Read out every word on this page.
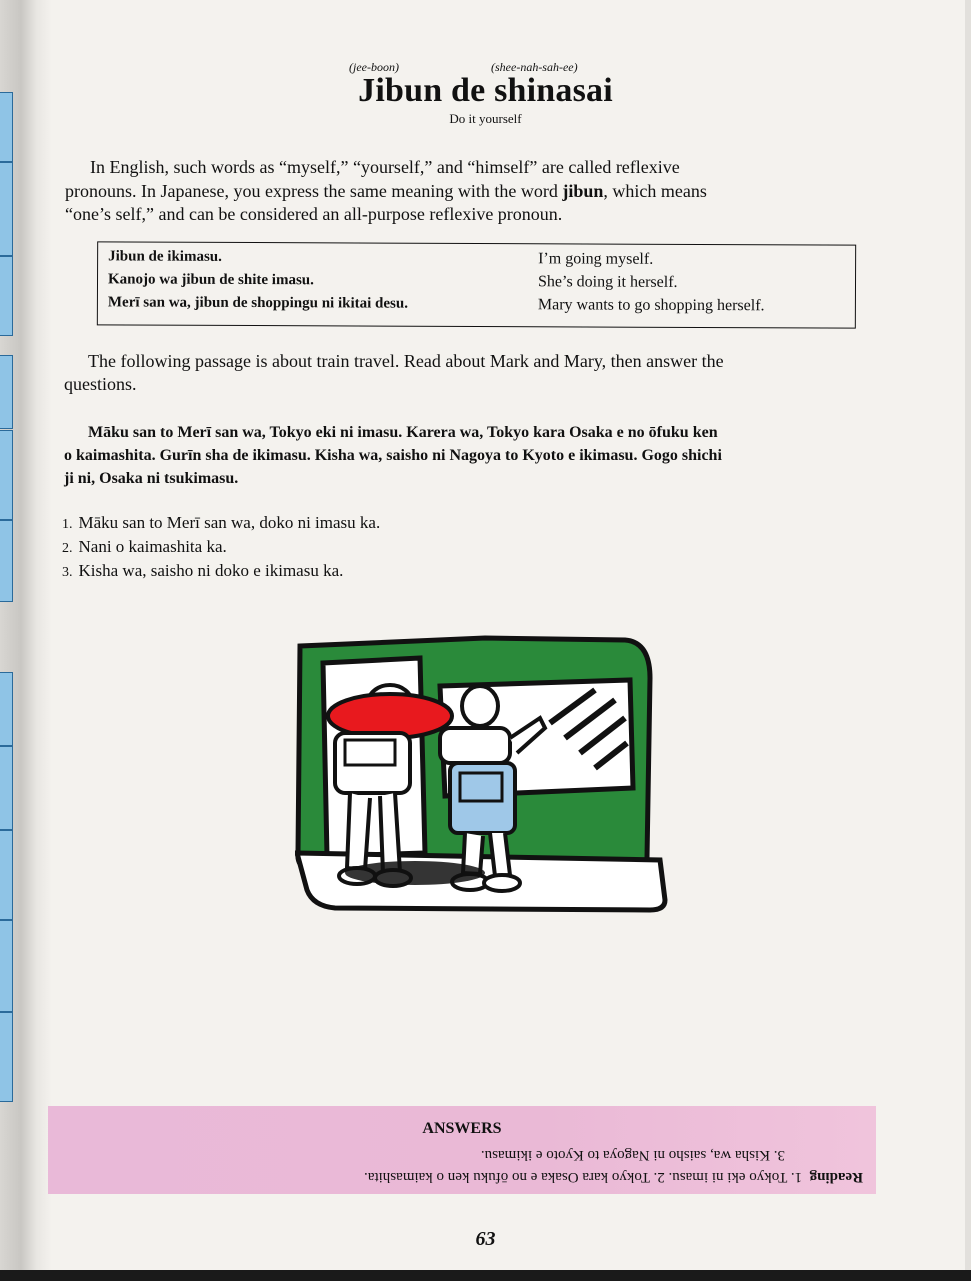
(jee-boon)	(shee-nah-sah-ee)
Jibun de shinasai
Do it yourself
In English, such words as “myself,” “yourself,” and “himself” are called reflexive
pronouns. In Japanese, you express the same meaning with the word jibun, which means
“one’s self,” and can be considered an all-purpose reflexive pronoun.
Jibun de ikimasu.	I’m going myself.
Kanojo wa jibun de shite imasu.	She’s doing it herself.
Merī san wa, jibun de shoppingu ni ikitai desu.	Mary wants to go shopping herself.
The following passage is about train travel. Read about Mark and Mary, then answer the
questions.
Māku san to Merī san wa, Tokyo eki ni imasu. Karera wa, Tokyo kara Osaka e no ōfuku ken
o kaimashita. Gurīn sha de ikimasu. Kisha wa, saisho ni Nagoya to Kyoto e ikimasu. Gogo shichi
ji ni, Osaka ni tsukimasu.
1. Māku san to Merī san wa, doko ni imasu ka.
2. Nani o kaimashita ka.
3. Kisha wa, saisho ni doko e ikimasu ka.
ANSWERS
Reading  1. Tokyo eki ni imasu. 2. Tokyo kara Osaka e no ōfuku ken o kaimashita.
3. Kisha wa, saisho ni Nagoya to Kyoto e ikimasu.
63
